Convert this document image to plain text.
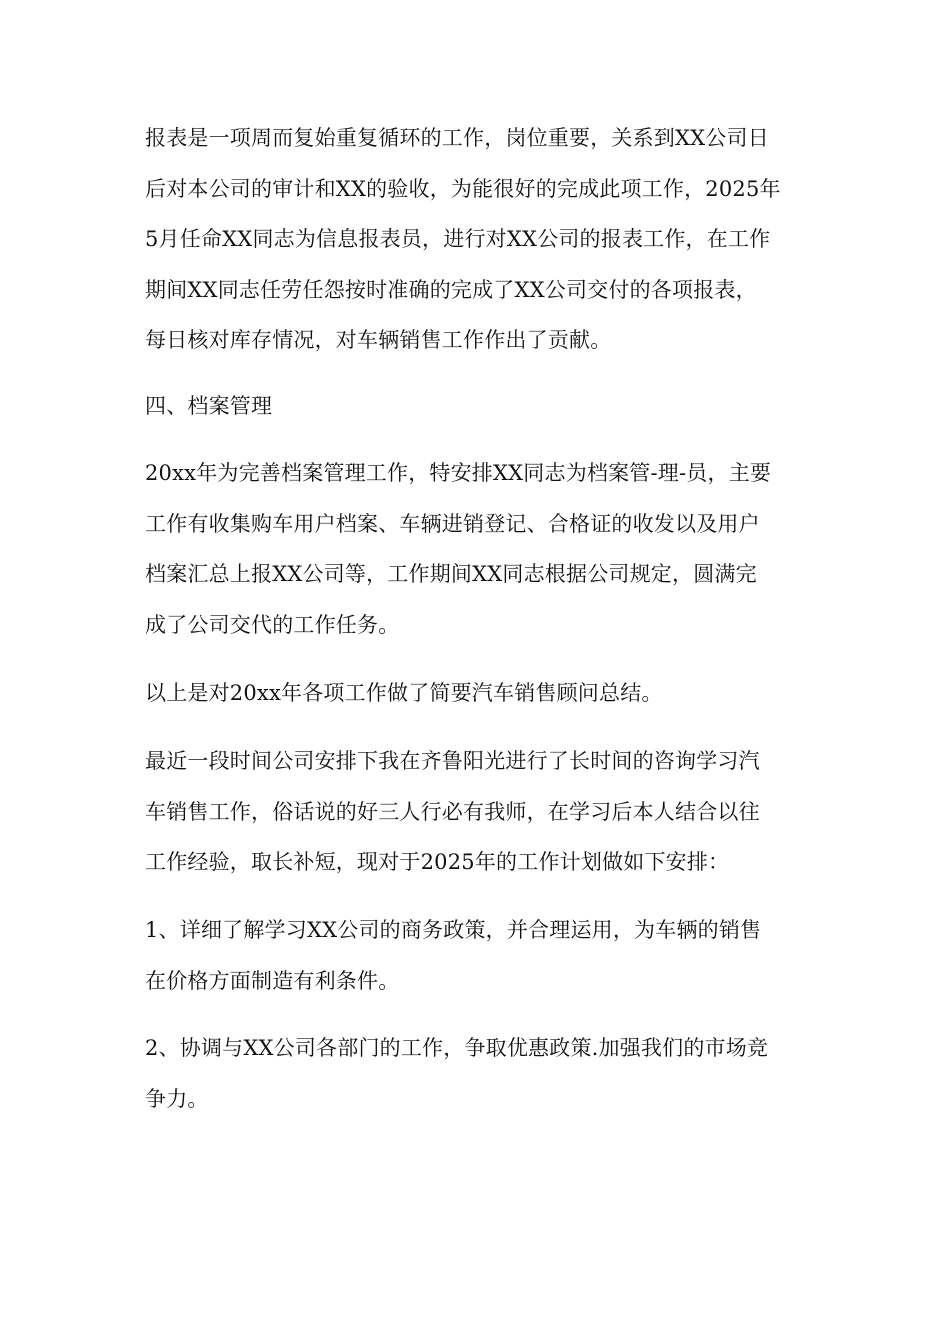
报表是一项周而复始重复循环的工作，岗位重要，关系到XX公司日
后对本公司的审计和XX的验收，为能很好的完成此项工作，2025年
5月任命XX同志为信息报表员，进行对XX公司的报表工作，在工作
期间XX同志任劳任怨按时准确的完成了XX公司交付的各项报表，
每日核对库存情况，对车辆销售工作作出了贡献。

四、档案管理

20xx年为完善档案管理工作，特安排XX同志为档案管-理-员，主要
工作有收集购车用户档案、车辆进销登记、合格证的收发以及用户
档案汇总上报XX公司等，工作期间XX同志根据公司规定，圆满完
成了公司交代的工作任务。

以上是对20xx年各项工作做了简要汽车销售顾问总结。

最近一段时间公司安排下我在齐鲁阳光进行了长时间的咨询学习汽
车销售工作，俗话说的好三人行必有我师，在学习后本人结合以往
工作经验，取长补短，现对于2025年的工作计划做如下安排：

1、详细了解学习XX公司的商务政策，并合理运用，为车辆的销售
在价格方面制造有利条件。

2、协调与XX公司各部门的工作，争取优惠政策.加强我们的市场竞
争力。
